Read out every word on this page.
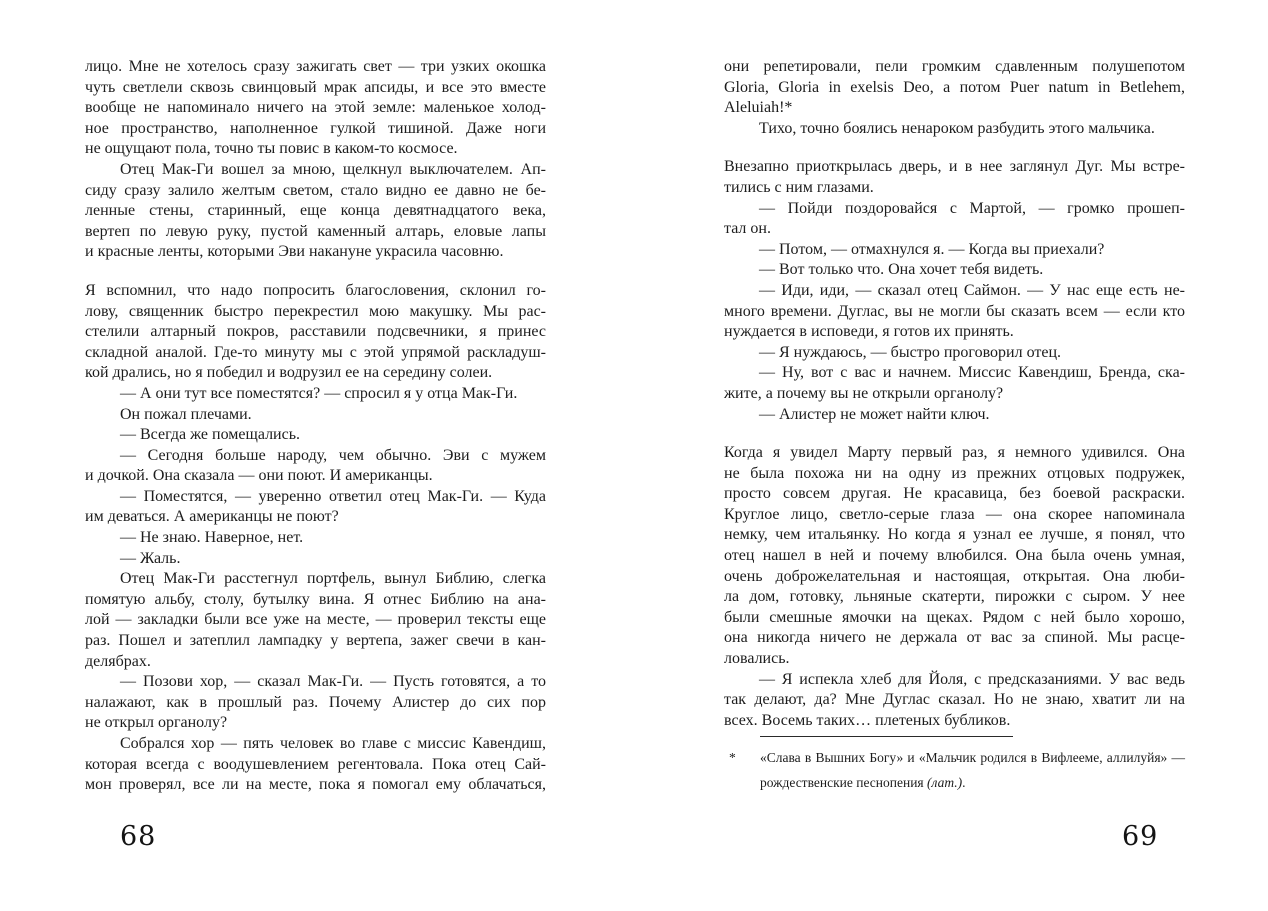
лицо. Мне не хотелось сразу зажигать свет — три узких окошка
чуть светлели сквозь свинцовый мрак апсиды, и все это вместе
вообще не напоминало ничего на этой земле: маленькое холод-
ное пространство, наполненное гулкой тишиной. Даже ноги
не ощущают пола, точно ты повис в каком-то космосе.
Отец Мак-Ги вошел за мною, щелкнул выключателем. Ап-
сиду сразу залило желтым светом, стало видно ее давно не бе-
ленные стены, старинный, еще конца девятнадцатого века,
вертеп по левую руку, пустой каменный алтарь, еловые лапы
и красные ленты, которыми Эви накануне украсила часовню.
Я вспомнил, что надо попросить благословения, склонил го-
лову, священник быстро перекрестил мою макушку. Мы рас-
стелили алтарный покров, расставили подсвечники, я принес
складной аналой. Где-то минуту мы с этой упрямой раскладуш-
кой дрались, но я победил и водрузил ее на середину солеи.
— А они тут все поместятся? — спросил я у отца Мак-Ги.
Он пожал плечами.
— Всегда же помещались.
— Сегодня больше народу, чем обычно. Эви с мужем
и дочкой. Она сказала — они поют. И американцы.
— Поместятся, — уверенно ответил отец Мак-Ги. — Куда
им деваться. А американцы не поют?
— Не знаю. Наверное, нет.
— Жаль.
Отец Мак-Ги расстегнул портфель, вынул Библию, слегка
помятую альбу, столу, бутылку вина. Я отнес Библию на ана-
лой — закладки были все уже на месте, — проверил тексты еще
раз. Пошел и затеплил лампадку у вертепа, зажег свечи в кан-
делябрах.
— Позови хор, — сказал Мак-Ги. — Пусть готовятся, а то
налажают, как в прошлый раз. Почему Алистер до сих пор
не открыл органолу?
Собрался хор — пять человек во главе с миссис Кавендиш,
которая всегда с воодушевлением регентовала. Пока отец Сай-
мон проверял, все ли на месте, пока я помогал ему облачаться,
они репетировали, пели громким сдавленным полушепотом
Gloria, Gloria in exelsis Deo, а потом Puer natum in Betlehem,
Aleluiah!*
Тихо, точно боялись ненароком разбудить этого мальчика.
Внезапно приоткрылась дверь, и в нее заглянул Дуг. Мы встре-
тились с ним глазами.
— Пойди поздоровайся с Мартой, — громко прошеп-
тал он.
— Потом, — отмахнулся я. — Когда вы приехали?
— Вот только что. Она хочет тебя видеть.
— Иди, иди, — сказал отец Саймон. — У нас еще есть не-
много времени. Дуглас, вы не могли бы сказать всем — если кто
нуждается в исповеди, я готов их принять.
— Я нуждаюсь, — быстро проговорил отец.
— Ну, вот с вас и начнем. Миссис Кавендиш, Бренда, ска-
жите, а почему вы не открыли органолу?
— Алистер не может найти ключ.
Когда я увидел Марту первый раз, я немного удивился. Она
не была похожа ни на одну из прежних отцовых подружек,
просто совсем другая. Не красавица, без боевой раскраски.
Круглое лицо, светло-серые глаза — она скорее напоминала
немку, чем итальянку. Но когда я узнал ее лучше, я понял, что
отец нашел в ней и почему влюбился. Она была очень умная,
очень доброжелательная и настоящая, открытая. Она люби-
ла дом, готовку, льняные скатерти, пирожки с сыром. У нее
были смешные ямочки на щеках. Рядом с ней было хорошо,
она никогда ничего не держала от вас за спиной. Мы расце-
ловались.
— Я испекла хлеб для Йоля, с предсказаниями. У вас ведь
так делают, да? Мне Дуглас сказал. Но не знаю, хватит ли на
всех. Восемь таких… плетеных бубликов.
* «Слава в Вышних Богу» и «Мальчик родился в Вифлееме, аллилуйя» —
рождественские песнопения (лат.).
68	69
